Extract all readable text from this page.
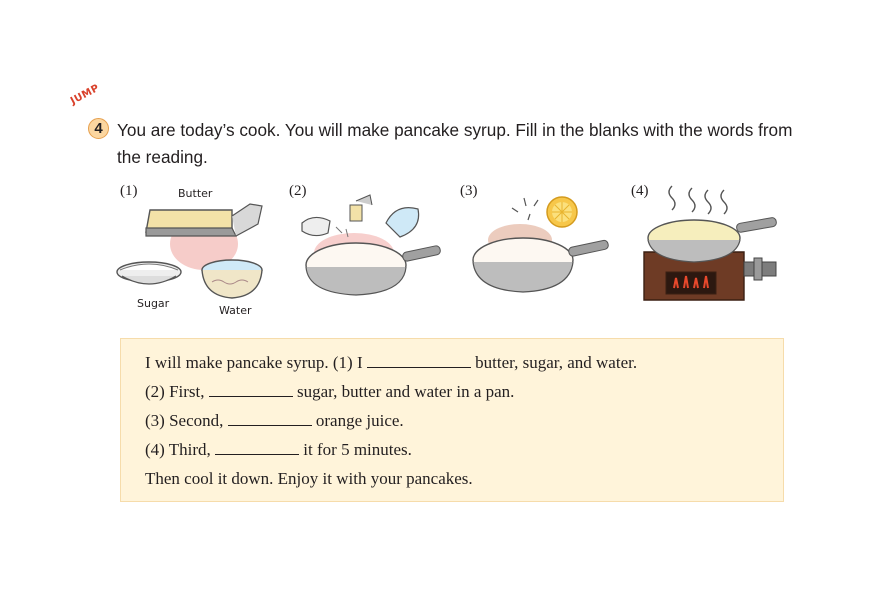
JUMP
4 You are today’s cook. You will make pancake syrup. Fill in the blanks with the words from the reading.
(1)	(2)	(3)	(4)
Butter
Sugar
Water
I will make pancake syrup. (1) I	butter, sugar, and water.
(2) First,	sugar, butter and water in a pan.
(3) Second,	orange juice.
(4) Third,	it for 5 minutes.
Then cool it down. Enjoy it with your pancakes.
